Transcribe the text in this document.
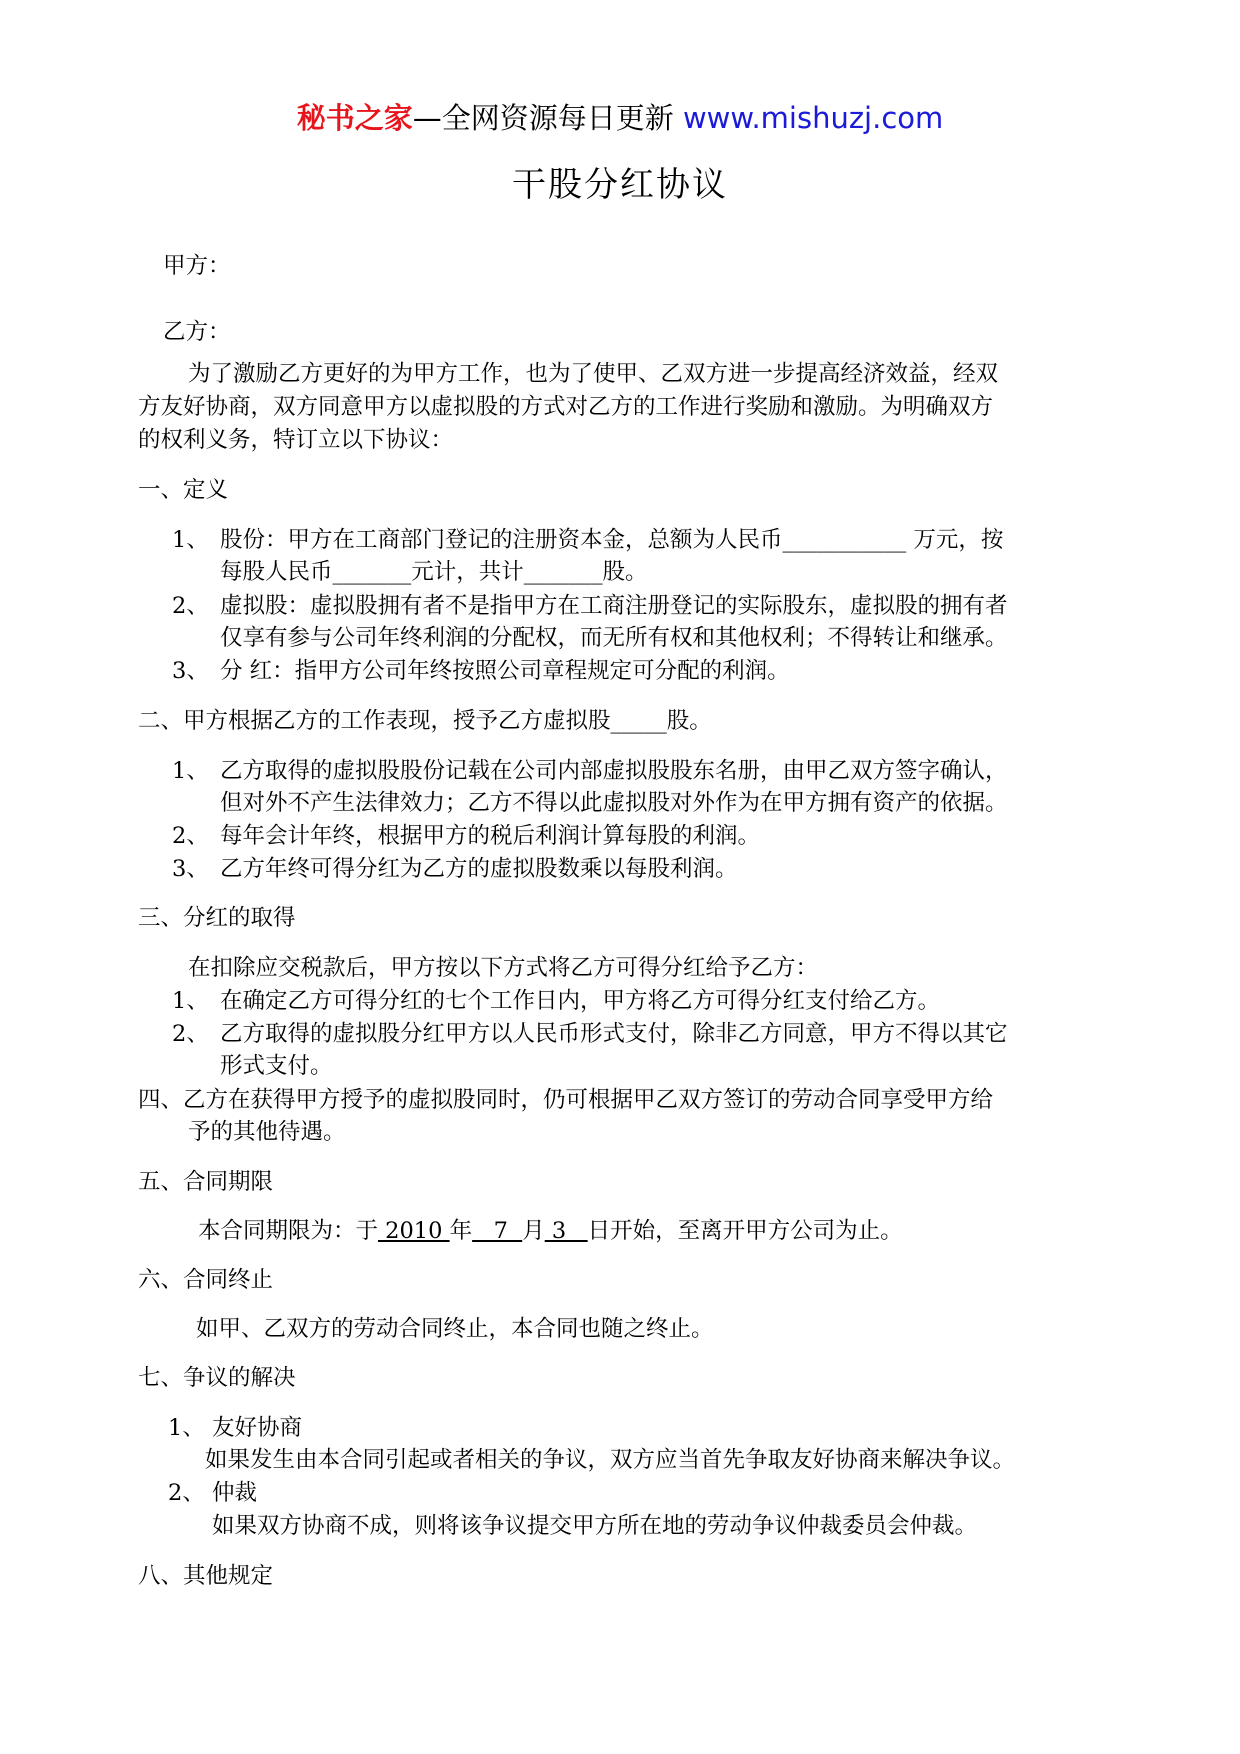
秘书之家—全网资源每日更新 www.mishuzj.com
干股分红协议
甲方：
乙方：
为了激励乙方更好的为甲方工作，也为了使甲、乙双方进一步提高经济效益，经双
方友好协商，双方同意甲方以虚拟股的方式对乙方的工作进行奖励和激励。为明确双方
的权利义务，特订立以下协议：
一、定义
1、 股份：甲方在工商部门登记的注册资本金，总额为人民币___________ 万元，按
每股人民币_______元计，共计_______股。
2、 虚拟股：虚拟股拥有者不是指甲方在工商注册登记的实际股东，虚拟股的拥有者
仅享有参与公司年终利润的分配权，而无所有权和其他权利；不得转让和继承。
3、 分 红：指甲方公司年终按照公司章程规定可分配的利润。
二、甲方根据乙方的工作表现，授予乙方虚拟股_____股。
1、 乙方取得的虚拟股股份记载在公司内部虚拟股股东名册，由甲乙双方签字确认，
但对外不产生法律效力；乙方不得以此虚拟股对外作为在甲方拥有资产的依据。
2、 每年会计年终，根据甲方的税后利润计算每股的利润。
3、 乙方年终可得分红为乙方的虚拟股数乘以每股利润。
三、分红的取得
在扣除应交税款后，甲方按以下方式将乙方可得分红给予乙方：
1、 在确定乙方可得分红的七个工作日内，甲方将乙方可得分红支付给乙方。
2、 乙方取得的虚拟股分红甲方以人民币形式支付，除非乙方同意，甲方不得以其它
形式支付。
四、乙方在获得甲方授予的虚拟股同时，仍可根据甲乙双方签订的劳动合同享受甲方给
予的其他待遇。
五、合同期限
本合同期限为：于 2010 年   7  月 3   日开始，至离开甲方公司为止。
六、合同终止
如甲、乙双方的劳动合同终止，本合同也随之终止。
七、争议的解决
1、 友好协商
如果发生由本合同引起或者相关的争议，双方应当首先争取友好协商来解决争议。
2、 仲裁
如果双方协商不成，则将该争议提交甲方所在地的劳动争议仲裁委员会仲裁。
八、其他规定
